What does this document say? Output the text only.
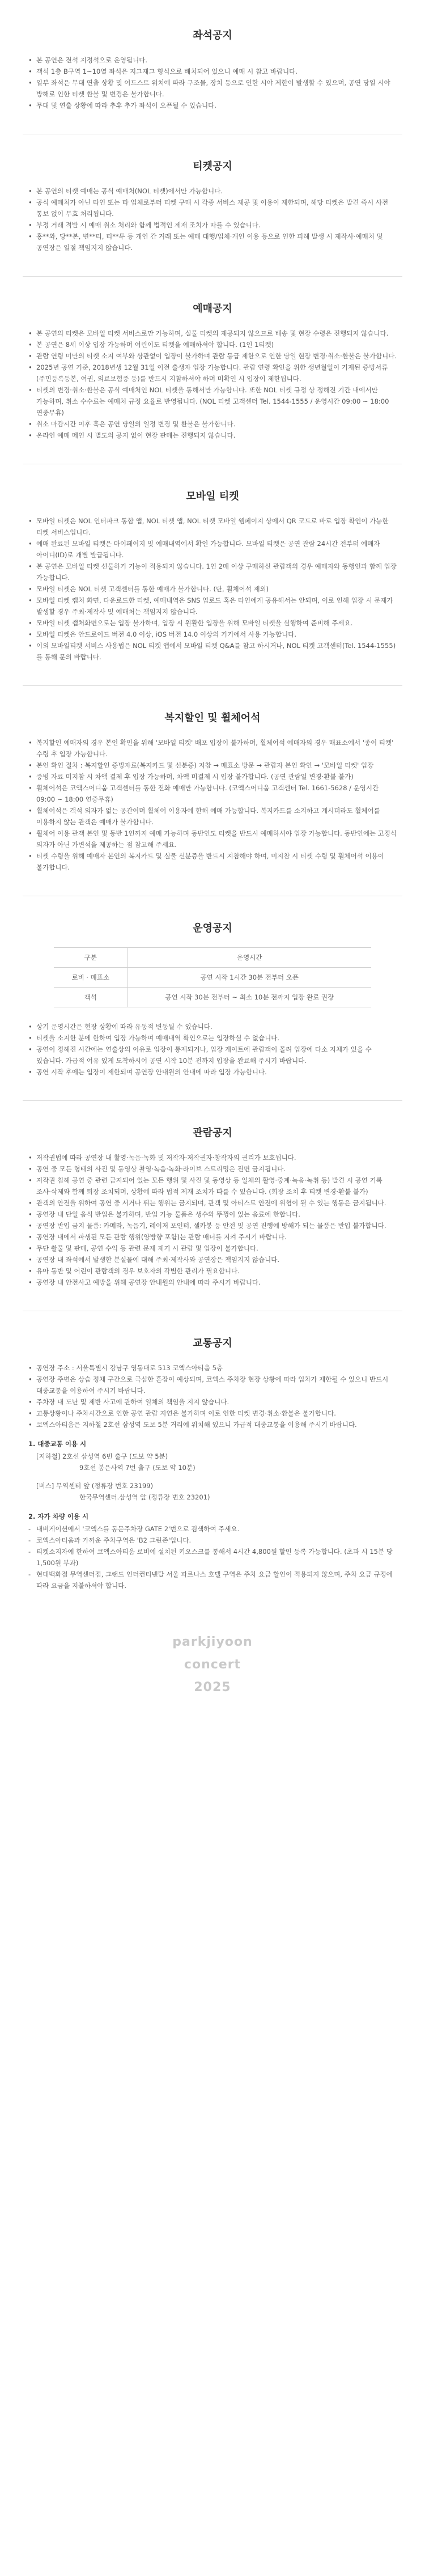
좌석공지
• 본 공연은 전석 지정석으로 운영됩니다.
• 객석 1층 B구역 1~10열 좌석은 지그재그 형식으로 배치되어 있으니 예매 시 참고 바랍니다.
• 일부 좌석은 무대 연출 상황 및 어드스트 위치에 따라 구조물, 장치 등으로 인한 시야 제한이 발생할 수 있으며, 공연 당일 시야 방해로 인한 티켓 환불 및 변경은 불가합니다.
• 무대 및 연출 상황에 따라 추후 추가 좌석이 오픈될 수 있습니다.
티켓공지
• 본 공연의 티켓 예매는 공식 예매처(NOL 티켓)에서만 가능합니다.
• 공식 예매처가 아닌 타인 또는 타 업체로부터 티켓 구매 시 각종 서비스 제공 및 이용이 제한되며, 해당 티켓은 발견 즉시 사전 통보 없이 무효 처리됩니다.
• 부정 거래 적발 시 예매 취소 처리와 함께 법적인 제재 조치가 따를 수 있습니다.
• 홍**와, 당**본, 변**티, 티**투 등 개인 간 거래 또는 예매 대행/업체·개인 이용 등으로 인한 피해 발생 시 제작사·예매처 및 공연장은 일절 책임지지 않습니다.
예매공지
• 본 공연의 티켓은 모바일 티켓 서비스로만 가능하며, 실물 티켓의 재공되지 않으므로 배송 및 현장 수령은 진행되지 않습니다.
• 본 공연은 8세 이상 입장 가능하며 어린이도 티켓을 예매하셔야 합니다. (1인 1티켓)
• 관람 연령 미만의 티켓 소지 여부와 상관없이 입장이 불가하며 관람 등급 제한으로 인한 당일 현장 변경·취소·환불은 불가합니다.
• 2025년 공연 기준, 2018년생 12월 31일 이전 출생자 입장 가능합니다. 관람 연령 확인을 위한 생년월일이 기재된 증빙서류(주민등록등본, 여권, 의료보험증 등)를 반드시 지참하셔야 하며 미확인 시 입장이 제한됩니다.
• 티켓의 변경·취소·환불은 공식 예매처인 NOL 티켓을 통해서만 가능합니다. 또한 NOL 티켓 규정 상 정해진 기간 내에서만 가능하며, 취소 수수료는 예매처 규정 요율로 반영됩니다. (NOL 티켓 고객센터 Tel. 1544-1555 / 운영시간 09:00 ~ 18:00 연중무휴)
• 취소 마감시간 이후 혹은 공연 당일의 일정 변경 및 환불은 불가합니다.
• 온라인 예매 메인 시 별도의 공지 없이 현장 판매는 진행되지 않습니다.
모바일 티켓
• 모바일 티켓은 NOL 인터파크 통합 앱, NOL 티켓 앱, NOL 티켓 모바일 웹페이지 상에서 QR 코드로 바로 입장 확인이 가능한 티켓 서비스입니다.
• 예매 완료된 모바일 티켓은 마이페이지 및 예매내역에서 확인 가능합니다. 모바일 티켓은 공연 관람 24시간 전부터 예매자 아이디(ID)로 개별 발급됩니다.
• 본 공연은 모바일 티켓 선물하기 기능이 적용되지 않습니다. 1인 2매 이상 구매하신 관람객의 경우 예매자와 동행인과 함께 입장 가능합니다.
• 모바일 티켓은 NOL 티켓 고객센터를 통한 예매가 불가합니다. (단, 휠체어석 제외)
• 모바일 티켓 캡처 화면, 다운로드한 티켓, 예매내역은 SNS 업로드 혹은 타인에게 공유해서는 안되며, 이로 인해 입장 시 문제가 발생할 경우 주최·제작사 및 예매처는 책임지지 않습니다.
• 모바일 티켓 캡처화면으로는 입장 불가하며, 입장 시 원활한 입장을 위해 모바일 티켓을 실행하여 준비해 주세요.
• 모바일 티켓은 안드로이드 버전 4.0 이상, iOS 버전 14.0 이상의 기기에서 사용 가능합니다.
• 이외 모바일티켓 서비스 사용법은 NOL 티켓 앱에서 모바일 티켓 Q&A를 참고 하시거나, NOL 티켓 고객센터(Tel. 1544-1555)를 통해 문의 바랍니다.
복지할인 및 휠체어석
• 복지할인 예매자의 경우 본인 확인을 위해 '모바일 티켓' 배포 입장이 불가하며, 휠체어석 예매자의 경우 매표소에서 '종이 티켓' 수령 후 입장 가능합니다.
• 본인 확인 절차 : 복지할인 증빙자료(복지카드 및 신분증) 지참 → 매표소 방문 → 관람자 본인 확인 → '모바일 티켓' 입장
• 증빙 자료 미지참 시 차액 결제 후 입장 가능하며, 차액 미결제 시 입장 불가합니다. (공연 관람일 변경·환불 불가)
• 휠체어석은 코액스어디움 고객센터를 통한 전화 예매만 가능합니다. (코엑스어디움 고객센터 Tel. 1661-5628 / 운영시간 09:00 ~ 18:00 연중무휴)
• 휠체어석은 객석 의자가 없는 공간이며 휠체어 이용자에 한해 예매 가능합니다. 복지카드를 소지하고 계시더라도 휠체어를 이용하지 않는 관객은 예매가 불가합니다.
• 휠체어 이용 관객 본인 및 동반 1인까지 예매 가능하며 동반인도 티켓을 반드시 예매하셔야 입장 가능합니다. 동반인에는 고정식 의자가 아닌 가변석을 제공하는 점 참고해 주세요.
• 티켓 수령을 위해 예매자 본인의 복지카드 및 실물 신분증을 반드시 지참해야 하며, 미지참 시 티켓 수령 및 휠체어석 이용이 불가합니다.
운영공지
구분	운영시간
로비 · 매표소	공연 시작 1시간 30분 전부터 오픈
객석	공연 시작 30분 전부터 ~ 최소 10분 전까지 입장 완료 권장
• 상기 운영시간은 현장 상황에 따라 유동적 변동될 수 있습니다.
• 티켓을 소지한 분에 한하여 입장 가능하며 예매내역 확인으로는 입장하실 수 없습니다.
• 공연이 정해진 시간에는 연출상의 이유로 입장이 통제되거나, 입장 게이트에 관람객이 몰려 입장에 다소 지체가 있을 수 있습니다. 가급적 여유 있게 도착하시어 공연 시작 10분 전까지 입장을 완료해 주시기 바랍니다.
• 공연 시작 후에는 입장이 제한되며 공연장 안내원의 안내에 따라 입장 가능합니다.
관람공지
• 저작권법에 따라 공연장 내 촬영·녹음·녹화 및 저작자·저작권자·창작자의 권리가 보호됩니다.
• 공연 중 모든 형태의 사진 및 동영상 촬영·녹음·녹화·라이브 스트리밍은 전면 금지됩니다.
• 저작권 침해 공연 중 관련 금지되어 있는 모든 행위 및 사진 및 동영상 등 일체의 활영·중계·녹음·녹취 등) 발견 시 공연 기록 조사·삭제와 함께 퇴장 조치되며, 상황에 따라 법적 제재 조치가 따를 수 있습니다. (회장 조치 후 티켓 변경·환불 불가)
• 관객의 안전을 위하여 공연 중 서거나 뛰는 행위는 금지되며, 관객 및 아티스트 안전에 위협이 될 수 있는 행동은 금지됩니다.
• 공연장 내 단일 음식 반입은 불가하며, 반입 가능 물품은 생수와 뚜껑이 있는 음료에 한합니다.
• 공연장 반입 금지 물품: 카메라, 녹음기, 레이저 포인터, 셀카봉 등 안전 및 공연 진행에 방해가 되는 물품은 반입 불가합니다.
• 공연장 내에서 파생된 모든 관람 행위(양방향 포함)는 관람 매너를 지켜 주시기 바랍니다.
• 무단 촬물 및 판매, 공연 수익 등 관련 문제 제기 시 관람 및 입장이 불가합니다.
• 공연장 내 좌석에서 발생한 분실물에 대해 주최·제작사와 공연장은 책임지지 않습니다.
• 유아 동반 및 어린이 관람객의 경우 보호자의 각별한 관리가 필요합니다.
• 공연장 내 안전사고 예방을 위해 공연장 안내원의 안내에 따라 주시기 바랍니다.
교통공지
• 공연장 주소 : 서울특별시 강남구 영동대로 513 코엑스아티움 5층
• 공연장 주변은 상습 정체 구간으로 극심한 혼잡이 예상되며, 코엑스 주차장 현장 상황에 따라 입차가 제한될 수 있으니 반드시 대중교통을 이용하여 주시기 바랍니다.
• 주차장 내 도난 및 제반 사고에 관하여 일체의 책임을 지지 않습니다.
• 교통상황이나 주차시간으로 인한 공연 관람 지연은 불가하며 이로 인한 티켓 변경·취소·환불은 불가합니다.
• 코엑스아티움은 지하철 2호선 삼성역 도보 5분 거리에 위치해 있으니 가급적 대중교통을 이용해 주시기 바랍니다.
1. 대중교통 이용 시
[지하철] 2호선 삼성역 6번 출구 (도보 약 5분)
9호선 봉은사역 7번 출구 (도보 약 10분)
[버스] 무역센터 앞 (정류장 번호 23199)
한국무역센터.삼성역 앞 (정류장 번호 23201)
2. 자가 차량 이용 시
- 내비게이션에서 '코엑스를 동문주차장 GATE 2'번으로 검색하여 주세요.
- 코엑스아티움과 가까운 주차구역은 'B2 그린존'입니다.
- 티켓소지자에 한하여 코엑스아티움 로비에 설치된 키오스크를 통해서 4시간 4,800원 할인 등록 가능합니다. (초과 시 15분 당 1,500원 부과)
- 현대백화점 무역센터점, 그랜드 인터컨티넨탈 서울 파르나스 호텔 구역은 주차 요금 할인이 적용되지 않으며, 주차 요금 규정에 따라 요금을 지불하셔야 합니다.
parkjiyoon
concert
2025
